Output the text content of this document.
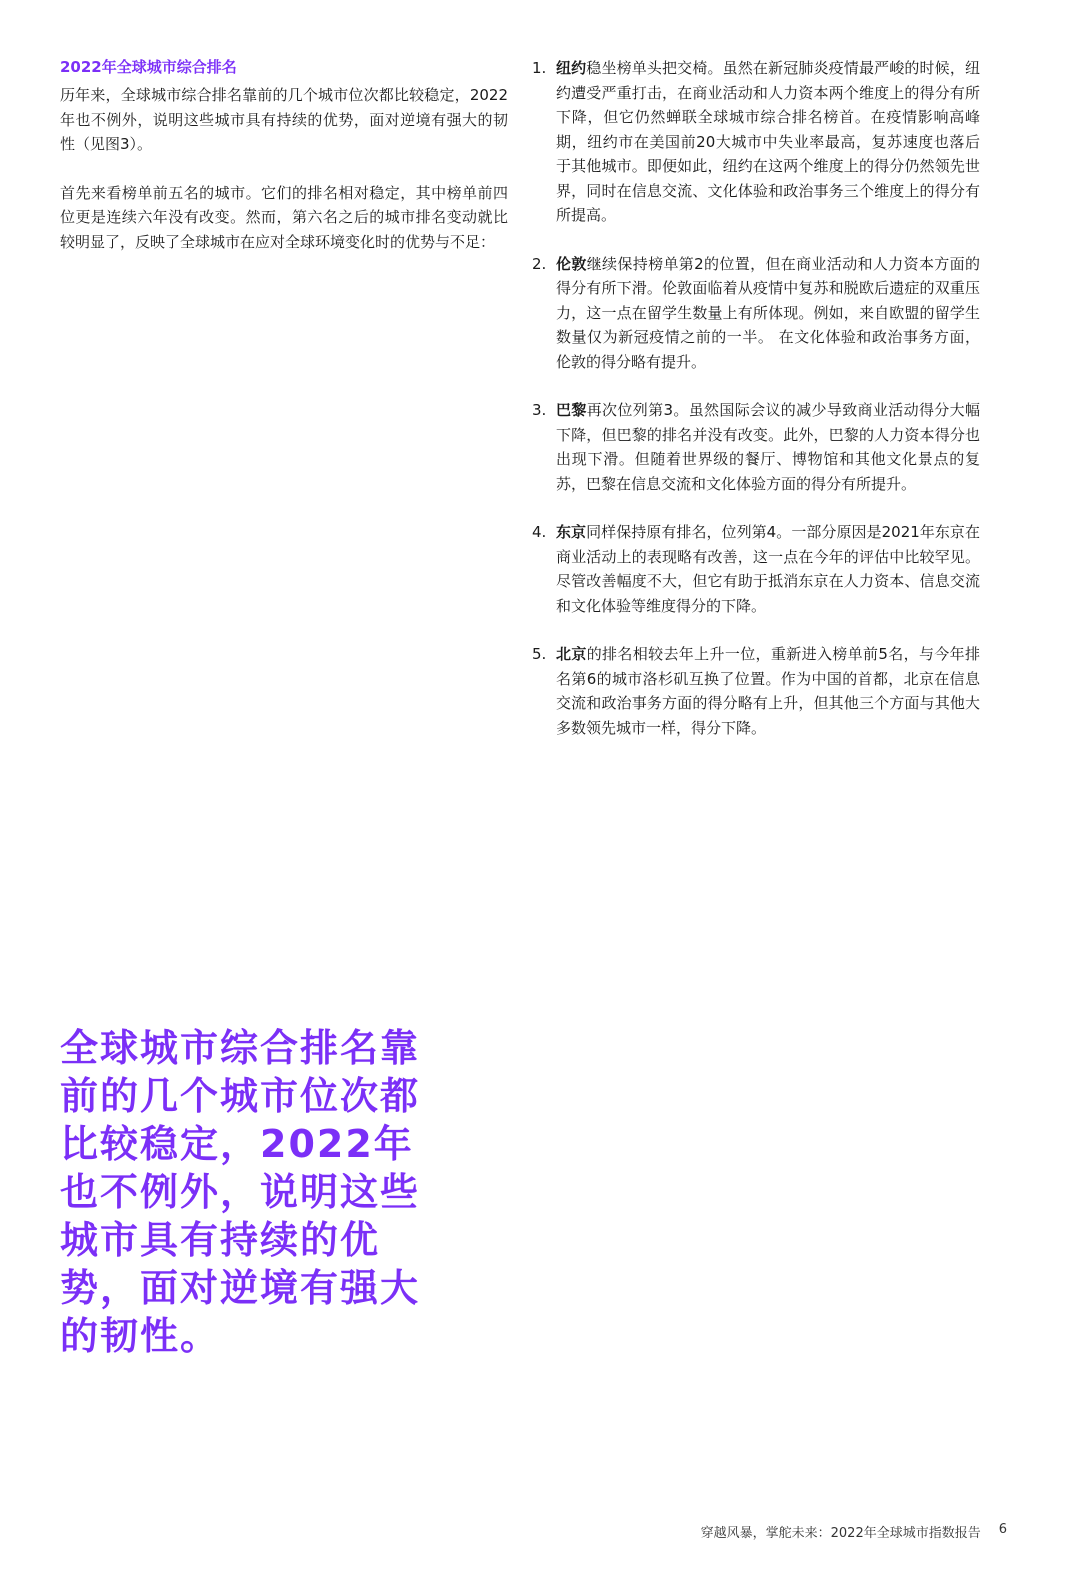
2022年全球城市综合排名

历年来，全球城市综合排名靠前的几个城市位次都比较稳定，2022年也不例外，说明这些城市具有持续的优势，面对逆境有强大的韧性（见图3）。

首先来看榜单前五名的城市。它们的排名相对稳定，其中榜单前四位更是连续六年没有改变。然而，第六名之后的城市排名变动就比较明显了，反映了全球城市在应对全球环境变化时的优势与不足：

1. 纽约稳坐榜单头把交椅。虽然在新冠肺炎疫情最严峻的时候，纽约遭受严重打击，在商业活动和人力资本两个维度上的得分有所下降，但它仍然蝉联全球城市综合排名榜首。在疫情影响高峰期，纽约市在美国前20大城市中失业率最高，复苏速度也落后于其他城市。即便如此，纽约在这两个维度上的得分仍然领先世界，同时在信息交流、文化体验和政治事务三个维度上的得分有所提高。
2. 伦敦继续保持榜单第2的位置，但在商业活动和人力资本方面的得分有所下滑。伦敦面临着从疫情中复苏和脱欧后遗症的双重压力，这一点在留学生数量上有所体现。例如，来自欧盟的留学生数量仅为新冠疫情之前的一半。 在文化体验和政治事务方面，伦敦的得分略有提升。
3. 巴黎再次位列第3。虽然国际会议的减少导致商业活动得分大幅下降，但巴黎的排名并没有改变。此外，巴黎的人力资本得分也出现下滑。但随着世界级的餐厅、博物馆和其他文化景点的复苏，巴黎在信息交流和文化体验方面的得分有所提升。
4. 东京同样保持原有排名，位列第4。一部分原因是2021年东京在商业活动上的表现略有改善，这一点在今年的评估中比较罕见。尽管改善幅度不大，但它有助于抵消东京在人力资本、信息交流和文化体验等维度得分的下降。
5. 北京的排名相较去年上升一位，重新进入榜单前5名，与今年排名第6的城市洛杉矶互换了位置。作为中国的首都，北京在信息交流和政治事务方面的得分略有上升，但其他三个方面与其他大多数领先城市一样，得分下降。
全球城市综合排名靠前的几个城市位次都比较稳定，2022年也不例外，说明这些城市具有持续的优势，面对逆境有强大的韧性。
穿越风暴，掌舵未来：2022年全球城市指数报告 6
